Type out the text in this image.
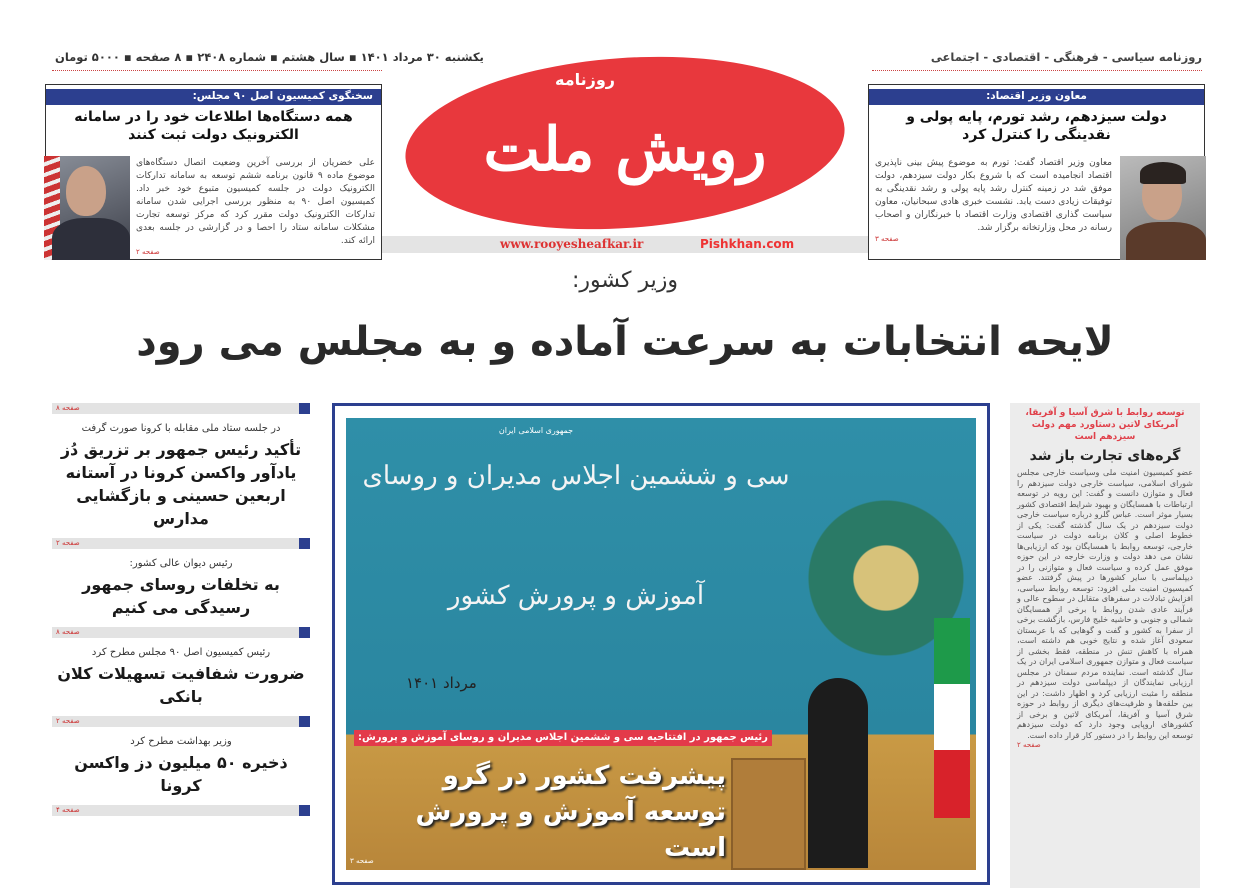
یکشنبه ۳۰ مرداد ۱۴۰۱ ▪ سال هشتم ▪ شماره ۲۴۰۸ ▪ ۸ صفحه ▪ ۵۰۰۰ تومان	روزنامه سیاسی - فرهنگی - اقتصادی - اجتماعی
روزنامه
رویش ملت
www.rooyesheafkar.ir	Pishkhan.com
سخنگوی کمیسیون اصل ۹۰ مجلس:
همه دستگاه‌ها اطلاعات خود را در سامانه الکترونیک دولت ثبت کنند
علی خضریان از بررسی آخرین وضعیت اتصال دستگاه‌های موضوع ماده ۹ قانون برنامه ششم توسعه به سامانه تدارکات الکترونیک دولت در جلسه کمیسیون متبوع خود خبر داد. کمیسیون اصل ۹۰ به منظور بررسی اجرایی شدن سامانه تدارکات الکترونیک دولت مقرر کرد که مرکز توسعه تجارت مشکلات سامانه ستاد را احصا و در گزارشی در جلسه بعدی ارائه کند.
صفحه ۲
معاون وزیر اقتصاد:
دولت سیزدهم، رشد تورم، پایه پولی و نقدینگی را کنترل کرد
معاون وزیر اقتصاد گفت: تورم به موضوع پیش بینی ناپذیری اقتصاد انجامیده است که با شروع بکار دولت سیزدهم، دولت موفق شد در زمینه کنترل رشد پایه پولی و رشد نقدینگی به توفیقات زیادی دست یابد. نشست خبری هادی سبحانیان، معاون سیاست گذاری اقتصادی وزارت اقتصاد با خبرنگاران و اصحاب رسانه در محل وزارتخانه برگزار شد.
صفحه ۳
وزیر کشور:
لایحه انتخابات به سرعت آماده و به مجلس می رود
صفحه ۸
در جلسه ستاد ملی مقابله با کرونا صورت گرفت
تأکید رئیس جمهور بر تزریق دُز یادآور واکسن کرونا در آستانه اربعین حسینی و بازگشایی مدارس
صفحه ۲
رئیس دیوان عالی کشور:
به تخلفات روسای جمهور رسیدگی می کنیم
صفحه ۸
رئیس کمیسیون اصل ۹۰ مجلس مطرح کرد
ضرورت شفافیت تسهیلات کلان بانکی
صفحه ۲
وزیر بهداشت مطرح کرد
ذخیره ۵۰ میلیون دز واکسن کرونا
صفحه ۴
جمهوری اسلامی ایران
سی و ششمین اجلاس مدیران و روسای
آموزش و پرورش کشور
مرداد ۱۴۰۱
رئیس جمهور در افتتاحیه سی و ششمین اجلاس مدیران و روسای آموزش و پرورش:
پیشرفت کشور در گرو توسعه آموزش و پرورش است
صفحه ۳
توسعه روابط با شرق آسیا و آفریقا، آمریکای لاتین دستاورد مهم دولت سیزدهم است
گره‌های تجارت باز شد
عضو کمیسیون امنیت ملی وسیاست خارجی مجلس شورای اسلامی، سیاست خارجی دولت سیزدهم را فعال و متوازن دانست و گفت: این رویه در توسعه ارتباطات با همسایگان و بهبود شرایط اقتصادی کشور بسیار موثر است. عباس گلرو درباره سیاست خارجی دولت سیزدهم در یک سال گذشته گفت: یکی از خطوط اصلی و کلان برنامه دولت در سیاست خارجی، توسعه روابط با همسایگان بود که ارزیابی‌ها نشان می دهد دولت و وزارت خارجه در این حوزه موفق عمل کرده و سیاست فعال و متوازنی را در دیپلماسی با سایر کشورها در پیش گرفتند. عضو کمیسیون امنیت ملی افزود: توسعه روابط سیاسی، افزایش تبادلات در سفرهای متقابل در سطوح عالی و فرآیند عادی شدن روابط با برخی از همسایگان شمالی و جنوبی و حاشیه خلیج فارس، بازگشت برخی از سفرا به کشور و گفت و گوهایی که با عربستان سعودی آغاز شده و نتایج خوبی هم داشته است، همراه با کاهش تنش در منطقه، فقط بخشی از سیاست فعال و متوازن جمهوری اسلامی ایران در یک سال گذشته است. نماینده مردم سمنان در مجلس ارزیابی نمایندگان از دیپلماسی دولت سیزدهم در منطقه را مثبت ارزیابی کرد و اظهار داشت: در این بین حلقه‌ها و ظرفیت‌های دیگری از روابط در حوزه شرق آسیا و آفریقا، آمریکای لاتین و برخی از کشورهای اروپایی وجود دارد که دولت سیزدهم توسعه این روابط را در دستور کار قرار داده است.
صفحه ۲
